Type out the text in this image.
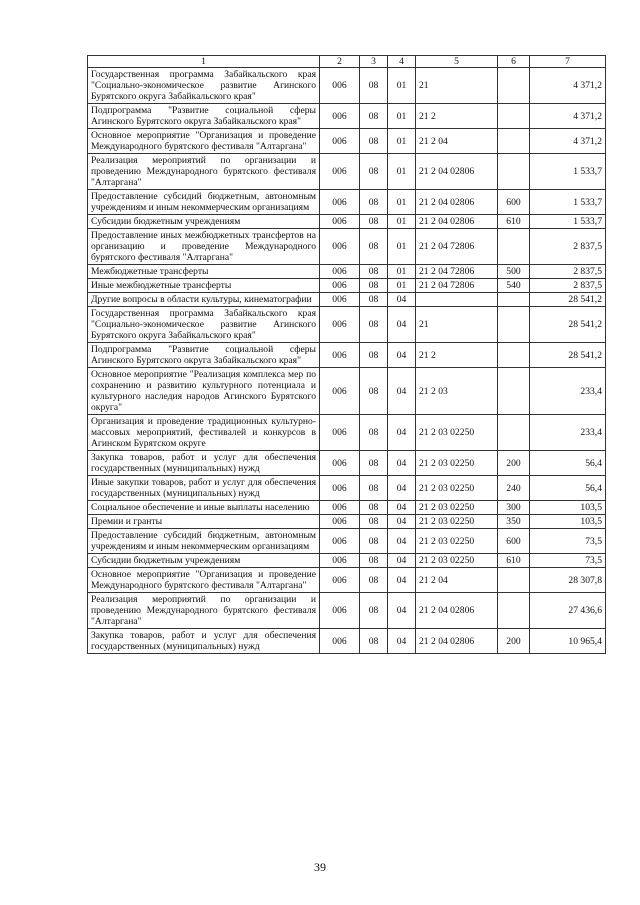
1	2	3	4	5	6	7
Государственная программа Забайкальского края "Социально-экономическое развитие Агинского Бурятского округа Забайкальского края"	006	08	01	21		4 371,2
Подпрограмма "Развитие социальной сферы Агинского Бурятского округа Забайкальского края"	006	08	01	21 2		4 371,2
Основное мероприятие "Организация и проведение Международного бурятского фестиваля "Алтаргана"	006	08	01	21 2 04		4 371,2
Реализация мероприятий по организации и проведению Международного бурятского фестиваля "Алтаргана"	006	08	01	21 2 04 02806		1 533,7
Предоставление субсидий бюджетным, автономным учреждениям и иным некоммерческим организациям	006	08	01	21 2 04 02806	600	1 533,7
Субсидии бюджетным учреждениям	006	08	01	21 2 04 02806	610	1 533,7
Предоставление иных межбюджетных трансфертов на организацию и проведение Международного бурятского фестиваля "Алтаргана"	006	08	01	21 2 04 72806		2 837,5
Межбюджетные трансферты	006	08	01	21 2 04 72806	500	2 837,5
Иные межбюджетные трансферты	006	08	01	21 2 04 72806	540	2 837,5
Другие вопросы в области культуры, кинематографии	006	08	04			28 541,2
Государственная программа Забайкальского края "Социально-экономическое развитие Агинского Бурятского округа Забайкальского края"	006	08	04	21		28 541,2
Подпрограмма "Развитие социальной сферы Агинского Бурятского округа Забайкальского края"	006	08	04	21 2		28 541,2
Основное мероприятие "Реализация комплекса мер по сохранению и развитию культурного потенциала и культурного наследия народов Агинского Бурятского округа"	006	08	04	21 2 03		233,4
Организация и проведение традиционных культурно-массовых мероприятий, фестивалей и конкурсов в Агинском Бурятском округе	006	08	04	21 2 03 02250		233,4
Закупка товаров, работ и услуг для обеспечения государственных (муниципальных) нужд	006	08	04	21 2 03 02250	200	56,4
Иные закупки товаров, работ и услуг для обеспечения государственных (муниципальных) нужд	006	08	04	21 2 03 02250	240	56,4
Социальное обеспечение и иные выплаты населению	006	08	04	21 2 03 02250	300	103,5
Премии и гранты	006	08	04	21 2 03 02250	350	103,5
Предоставление субсидий бюджетным, автономным учреждениям и иным некоммерческим организациям	006	08	04	21 2 03 02250	600	73,5
Субсидии бюджетным учреждениям	006	08	04	21 2 03 02250	610	73,5
Основное мероприятие "Организация и проведение Международного бурятского фестиваля "Алтаргана"	006	08	04	21 2 04		28 307,8
Реализация мероприятий по организации и проведению Международного бурятского фестиваля "Алтаргана"	006	08	04	21 2 04 02806		27 436,6
Закупка товаров, работ и услуг для обеспечения государственных (муниципальных) нужд	006	08	04	21 2 04 02806	200	10 965,4
39
